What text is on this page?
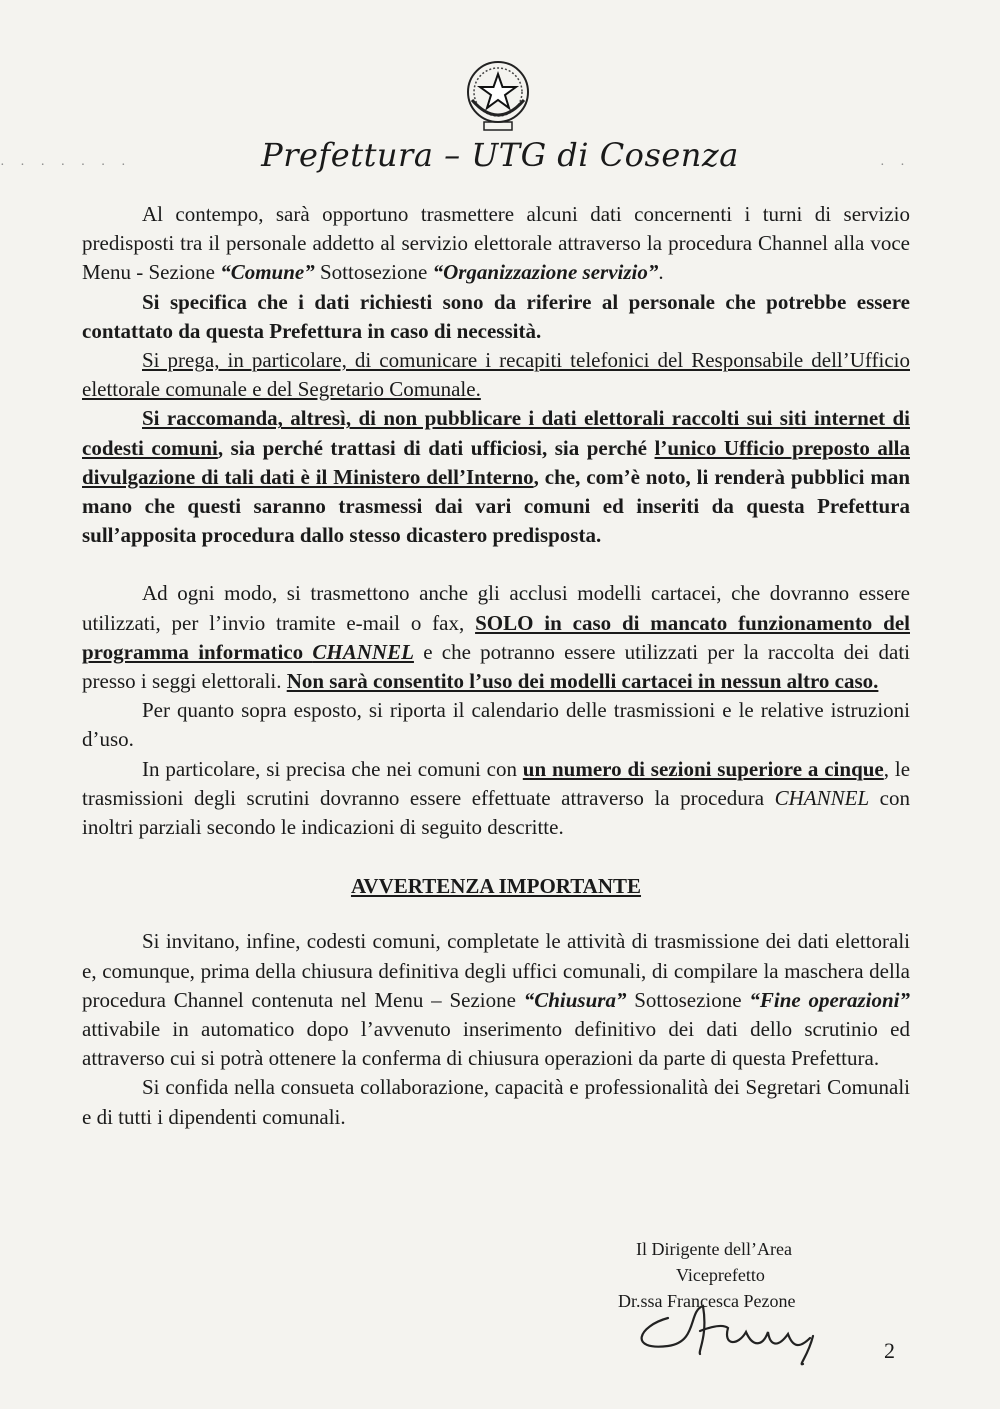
· · · · · · ·	· ·
Prefettura – UTG di Cosenza

Al contempo, sarà opportuno trasmettere alcuni dati concernenti i turni di servizio predisposti tra il personale addetto al servizio elettorale attraverso la procedura Channel alla voce Menu - Sezione “Comune” Sottosezione “Organizzazione servizio”.

Si specifica che i dati richiesti sono da riferire al personale che potrebbe essere contattato da questa Prefettura in caso di necessità.

Si prega, in particolare, di comunicare i recapiti telefonici del Responsabile dell’Ufficio elettorale comunale e del Segretario Comunale.

Si raccomanda, altresì, di non pubblicare i dati elettorali raccolti sui siti internet di codesti comuni, sia perché trattasi di dati ufficiosi, sia perché l’unico Ufficio preposto alla divulgazione di tali dati è il Ministero dell’Interno, che, com’è noto, li renderà pubblici man mano che questi saranno trasmessi dai vari comuni ed inseriti da questa Prefettura sull’apposita procedura dallo stesso dicastero predisposta.

Ad ogni modo, si trasmettono anche gli acclusi modelli cartacei, che dovranno essere utilizzati, per l’invio tramite e-mail o fax, SOLO in caso di mancato funzionamento del programma informatico CHANNEL e che potranno essere utilizzati per la raccolta dei dati presso i seggi elettorali. Non sarà consentito l’uso dei modelli cartacei in nessun altro caso.

Per quanto sopra esposto, si riporta il calendario delle trasmissioni e le relative istruzioni d’uso.

In particolare, si precisa che nei comuni con un numero di sezioni superiore a cinque, le trasmissioni degli scrutini dovranno essere effettuate attraverso la procedura CHANNEL con inoltri parziali secondo le indicazioni di seguito descritte.

AVVERTENZA IMPORTANTE

Si invitano, infine, codesti comuni, completate le attività di trasmissione dei dati elettorali e, comunque, prima della chiusura definitiva degli uffici comunali, di compilare la maschera della procedura Channel contenuta nel Menu – Sezione “Chiusura” Sottosezione “Fine operazioni” attivabile in automatico dopo l’avvenuto inserimento definitivo dei dati dello scrutinio ed attraverso cui si potrà ottenere la conferma di chiusura operazioni da parte di questa Prefettura.

Si confida nella consueta collaborazione, capacità e professionalità dei Segretari Comunali e di tutti i dipendenti comunali.

Il Dirigente dell’Area
Viceprefetto
Dr.ssa Francesca Pezone
2
